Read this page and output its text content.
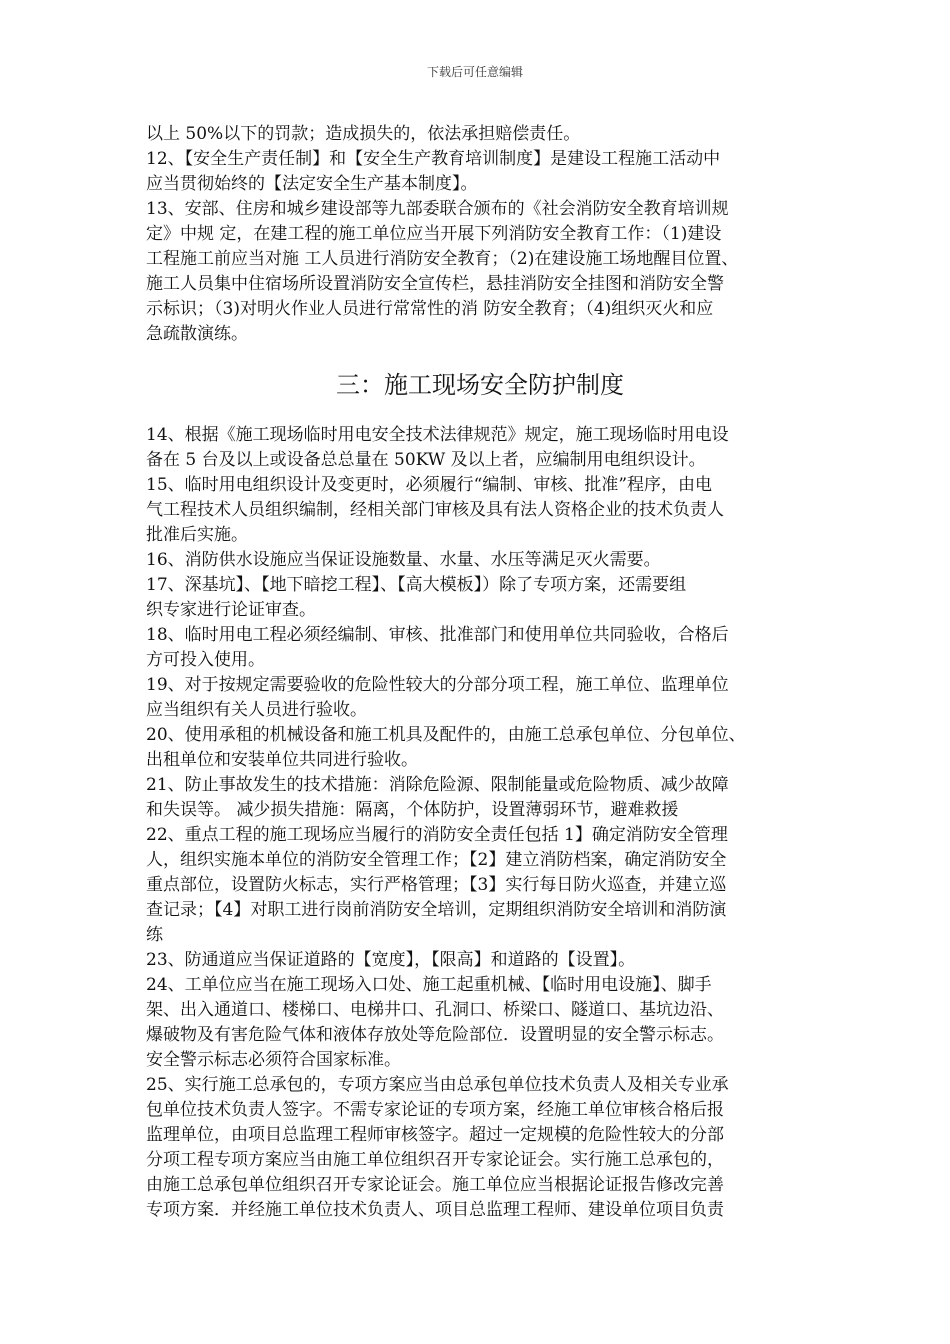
下载后可任意编辑
以上 50%以下的罚款；造成损失的，依法承担赔偿责任。
12、【安全生产责任制】和【安全生产教育培训制度】是建设工程施工活动中
应当贯彻始终的【法定安全生产基本制度】。
13、安部、住房和城乡建设部等九部委联合颁布的《社会消防安全教育培训规
定》中规 定，在建工程的施工单位应当开展下列消防安全教育工作：（1)建设
工程施工前应当对施 工人员进行消防安全教育；（2)在建设施工场地醒目位置、
施工人员集中住宿场所设置消防安全宣传栏，悬挂消防安全挂图和消防安全警
示标识；（3)对明火作业人员进行常常性的消 防安全教育；（4)组织灭火和应
急疏散演练。
三：施工现场安全防护制度
14、根据《施工现场临时用电安全技术法律规范》规定，施工现场临时用电设
备在 5 台及以上或设备总总量在 50KW 及以上者，应编制用电组织设计。
15、临时用电组织设计及变更时，必须履行“编制、审核、批准”程序，由电
气工程技术人员组织编制，经相关部门审核及具有法人资格企业的技术负责人
批准后实施。
16、消防供水设施应当保证设施数量、水量、水压等满足灭火需要。
17、深基坑】、【地下暗挖工程】、【高大模板】）除了专项方案，还需要组
织专家进行论证审查。
18、临时用电工程必须经编制、审核、批准部门和使用单位共同验收，合格后
方可投入使用。
19、对于按规定需要验收的危险性较大的分部分项工程，施工单位、监理单位
应当组织有关人员进行验收。
20、使用承租的机械设备和施工机具及配件的，由施工总承包单位、分包单位、
出租单位和安装单位共同进行验收。
21、防止事故发生的技术措施：消除危险源、限制能量或危险物质、减少故障
和失误等。 减少损失措施：隔离，个体防护，设置薄弱环节，避难救援
22、重点工程的施工现场应当履行的消防安全责任包括 1】确定消防安全管理
人，组织实施本单位的消防安全管理工作；【2】建立消防档案，确定消防安全
重点部位，设置防火标志，实行严格管理；【3】实行每日防火巡查，并建立巡
查记录；【4】对职工进行岗前消防安全培训，定期组织消防安全培训和消防演
练
23、防通道应当保证道路的【宽度】，【限高】和道路的【设置】。
24、工单位应当在施工现场入口处、施工起重机械、【临时用电设施】、脚手
架、出入通道口、楼梯口、电梯井口、孔洞口、桥梁口、隧道口、基坑边沿、
爆破物及有害危险气体和液体存放处等危险部位．设置明显的安全警示标志。
安全警示标志必须符合国家标准。
25、实行施工总承包的，专项方案应当由总承包单位技术负责人及相关专业承
包单位技术负责人签字。不需专家论证的专项方案，经施工单位审核合格后报
监理单位，由项目总监理工程师审核签字。超过一定规模的危险性较大的分部
分项工程专项方案应当由施工单位组织召开专家论证会。实行施工总承包的，
由施工总承包单位组织召开专家论证会。施工单位应当根据论证报告修改完善
专项方案．并经施工单位技术负责人、项目总监理工程师、建设单位项目负责
